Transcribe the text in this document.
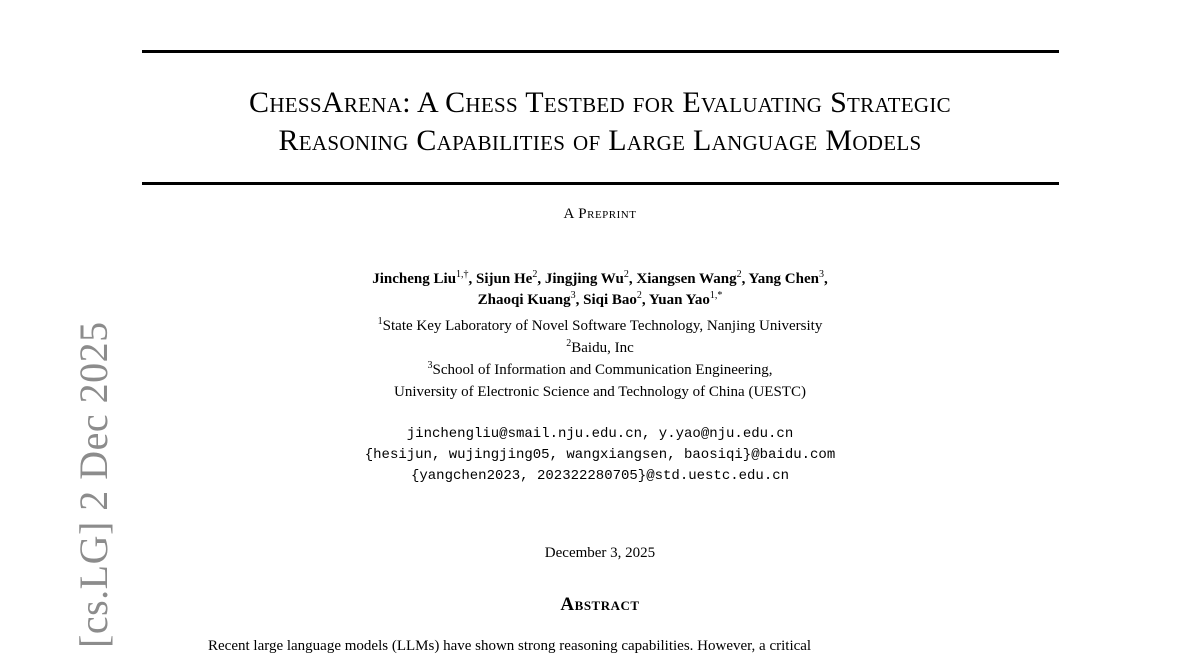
ChessArena: A Chess Testbed for Evaluating Strategic
Reasoning Capabilities of Large Language Models
A Preprint
Jincheng Liu$^{1,\dagger}$, Sijun He$^2$, Jingjing Wu$^2$, Xiangsen Wang$^2$, Yang Chen$^3$,
Zhaoqi Kuang$^3$, Siqi Bao$^2$, Yuan Yao$^{1,*}$
$^1$State Key Laboratory of Novel Software Technology, Nanjing University
$^2$Baidu, Inc
$^3$School of Information and Communication Engineering,
University of Electronic Science and Technology of China (UESTC)
jinchengliu@smail.nju.edu.cn, y.yao@nju.edu.cn
{hesijun, wujingjing05, wangxiangsen, baosiqi}@baidu.com
{yangchen2023, 202322280705}@std.uestc.edu.cn
December 3, 2025
Abstract
Recent large language models (LLMs) have shown strong reasoning capabilities. However, a critical
[cs.LG] 2 Dec 2025
